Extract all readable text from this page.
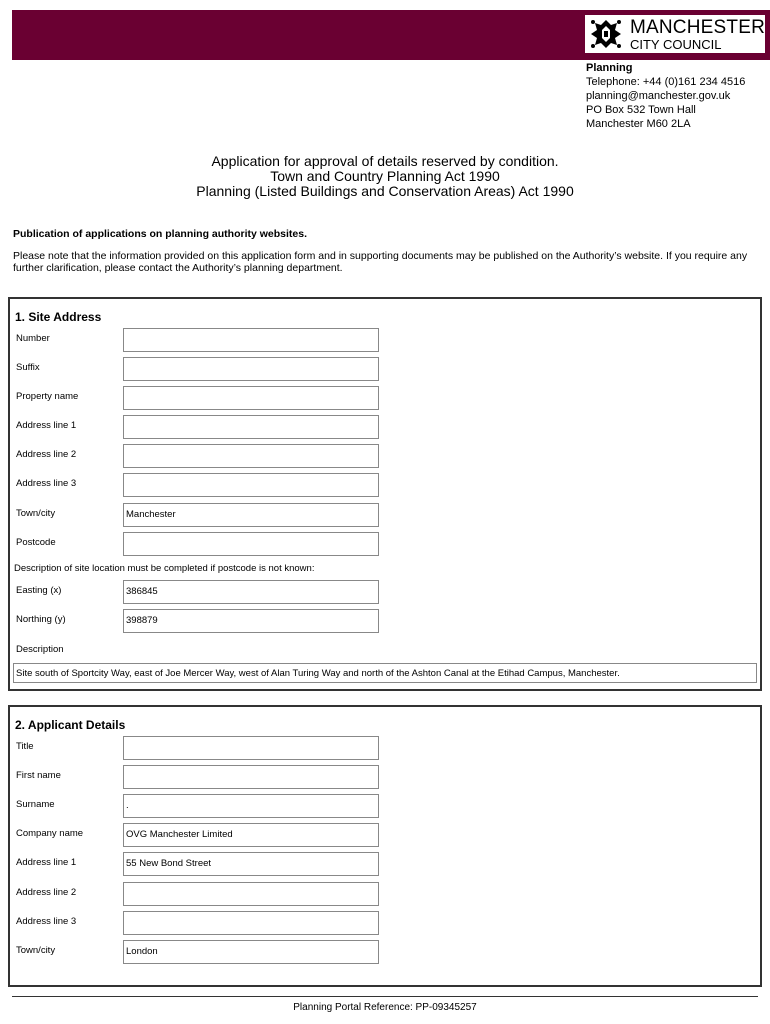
MANCHESTER
CITY COUNCIL
Planning
Telephone: +44 (0)161 234 4516
planning@manchester.gov.uk
PO Box 532 Town Hall
Manchester M60 2LA
Application for approval of details reserved by condition.
Town and Country Planning Act 1990
Planning (Listed Buildings and Conservation Areas) Act 1990
Publication of applications on planning authority websites.
Please note that the information provided on this application form and in supporting documents may be published on the Authority’s website. If you require any further clarification, please contact the Authority’s planning department.
1. Site Address
Number
Suffix
Property name
Address line 1
Address line 2
Address line 3
Town/city	Manchester
Postcode
Description of site location must be completed if postcode is not known:
Easting (x)	386845
Northing (y)	398879
Description
Site south of Sportcity Way, east of Joe Mercer Way, west of Alan Turing Way and north of the Ashton Canal at the Etihad Campus, Manchester.
2. Applicant Details
Title
First name
Surname	.
Company name	OVG Manchester Limited
Address line 1	55 New Bond Street
Address line 2
Address line 3
Town/city	London
Planning Portal Reference: PP-09345257
